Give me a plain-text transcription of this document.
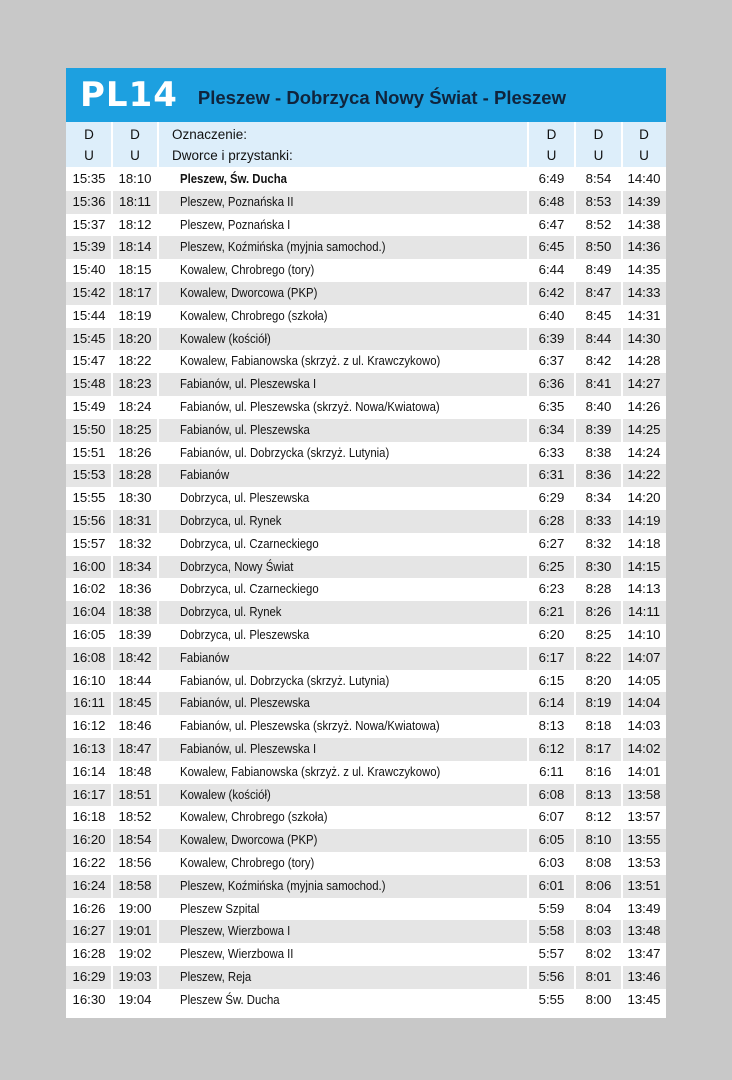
PL14 Pleszew - Dobrzyca Nowy Świat - Pleszew
D
U
D
U
Oznaczenie:
Dworce i przystanki:
D
U
D
U
D
U
15:35 18:10	Pleszew, Św. Ducha	6:49	8:54	14:40
15:36	18:11	Pleszew, Poznańska II	6:48	8:53	14:39
15:37 18:12	Pleszew, Poznańska I	6:47	8:52	14:38
15:39 18:14	Pleszew, Koźmińska (myjnia samochod.)	6:45	8:50	14:36
15:40 18:15	Kowalew, Chrobrego (tory)	6:44	8:49	14:35
15:42 18:17	Kowalew, Dworcowa (PKP)	6:42	8:47	14:33
15:44 18:19	Kowalew, Chrobrego (szkoła)	6:40	8:45	14:31
15:45 18:20	Kowalew (kościół)	6:39	8:44	14:30
15:47 18:22	Kowalew, Fabianowska (skrzyż. z ul. Krawczykowo)	6:37	8:42	14:28
15:48 18:23	Fabianów, ul. Pleszewska I	6:36	8:41	14:27
15:49 18:24	Fabianów, ul. Pleszewska (skrzyż. Nowa/Kwiatowa)	6:35	8:40	14:26
15:50 18:25	Fabianów, ul. Pleszewska	6:34	8:39	14:25
15:51 18:26	Fabianów, ul. Dobrzycka (skrzyż. Lutynia)	6:33	8:38	14:24
15:53 18:28	Fabianów	6:31	8:36	14:22
15:55 18:30	Dobrzyca, ul. Pleszewska	6:29	8:34	14:20
15:56 18:31	Dobrzyca, ul. Rynek	6:28	8:33	14:19
15:57 18:32	Dobrzyca, ul. Czarneckiego	6:27	8:32	14:18
16:00 18:34	Dobrzyca, Nowy Świat	6:25	8:30	14:15
16:02 18:36	Dobrzyca, ul. Czarneckiego	6:23	8:28	14:13
16:04 18:38	Dobrzyca, ul. Rynek	6:21	8:26	14:11
16:05 18:39	Dobrzyca, ul. Pleszewska	6:20	8:25	14:10
16:08 18:42	Fabianów	6:17	8:22	14:07
16:10 18:44	Fabianów, ul. Dobrzycka (skrzyż. Lutynia)	6:15	8:20	14:05
16:11	18:45	Fabianów, ul. Pleszewska	6:14	8:19	14:04
16:12 18:46	Fabianów, ul. Pleszewska (skrzyż. Nowa/Kwiatowa)	8:13	8:18	14:03
16:13 18:47	Fabianów, ul. Pleszewska I	6:12	8:17	14:02
16:14 18:48	Kowalew, Fabianowska (skrzyż. z ul. Krawczykowo)	6:11	8:16	14:01
16:17 18:51	Kowalew (kościół)	6:08	8:13	13:58
16:18 18:52	Kowalew, Chrobrego (szkoła)	6:07	8:12	13:57
16:20 18:54	Kowalew, Dworcowa (PKP)	6:05	8:10	13:55
16:22 18:56	Kowalew, Chrobrego (tory)	6:03	8:08	13:53
16:24 18:58	Pleszew, Koźmińska (myjnia samochod.)	6:01	8:06	13:51
16:26 19:00	Pleszew Szpital	5:59	8:04	13:49
16:27 19:01	Pleszew, Wierzbowa I	5:58	8:03	13:48
16:28 19:02	Pleszew, Wierzbowa II	5:57	8:02	13:47
16:29 19:03	Pleszew, Reja	5:56	8:01	13:46
16:30 19:04	Pleszew Św. Ducha	5:55	8:00	13:45
